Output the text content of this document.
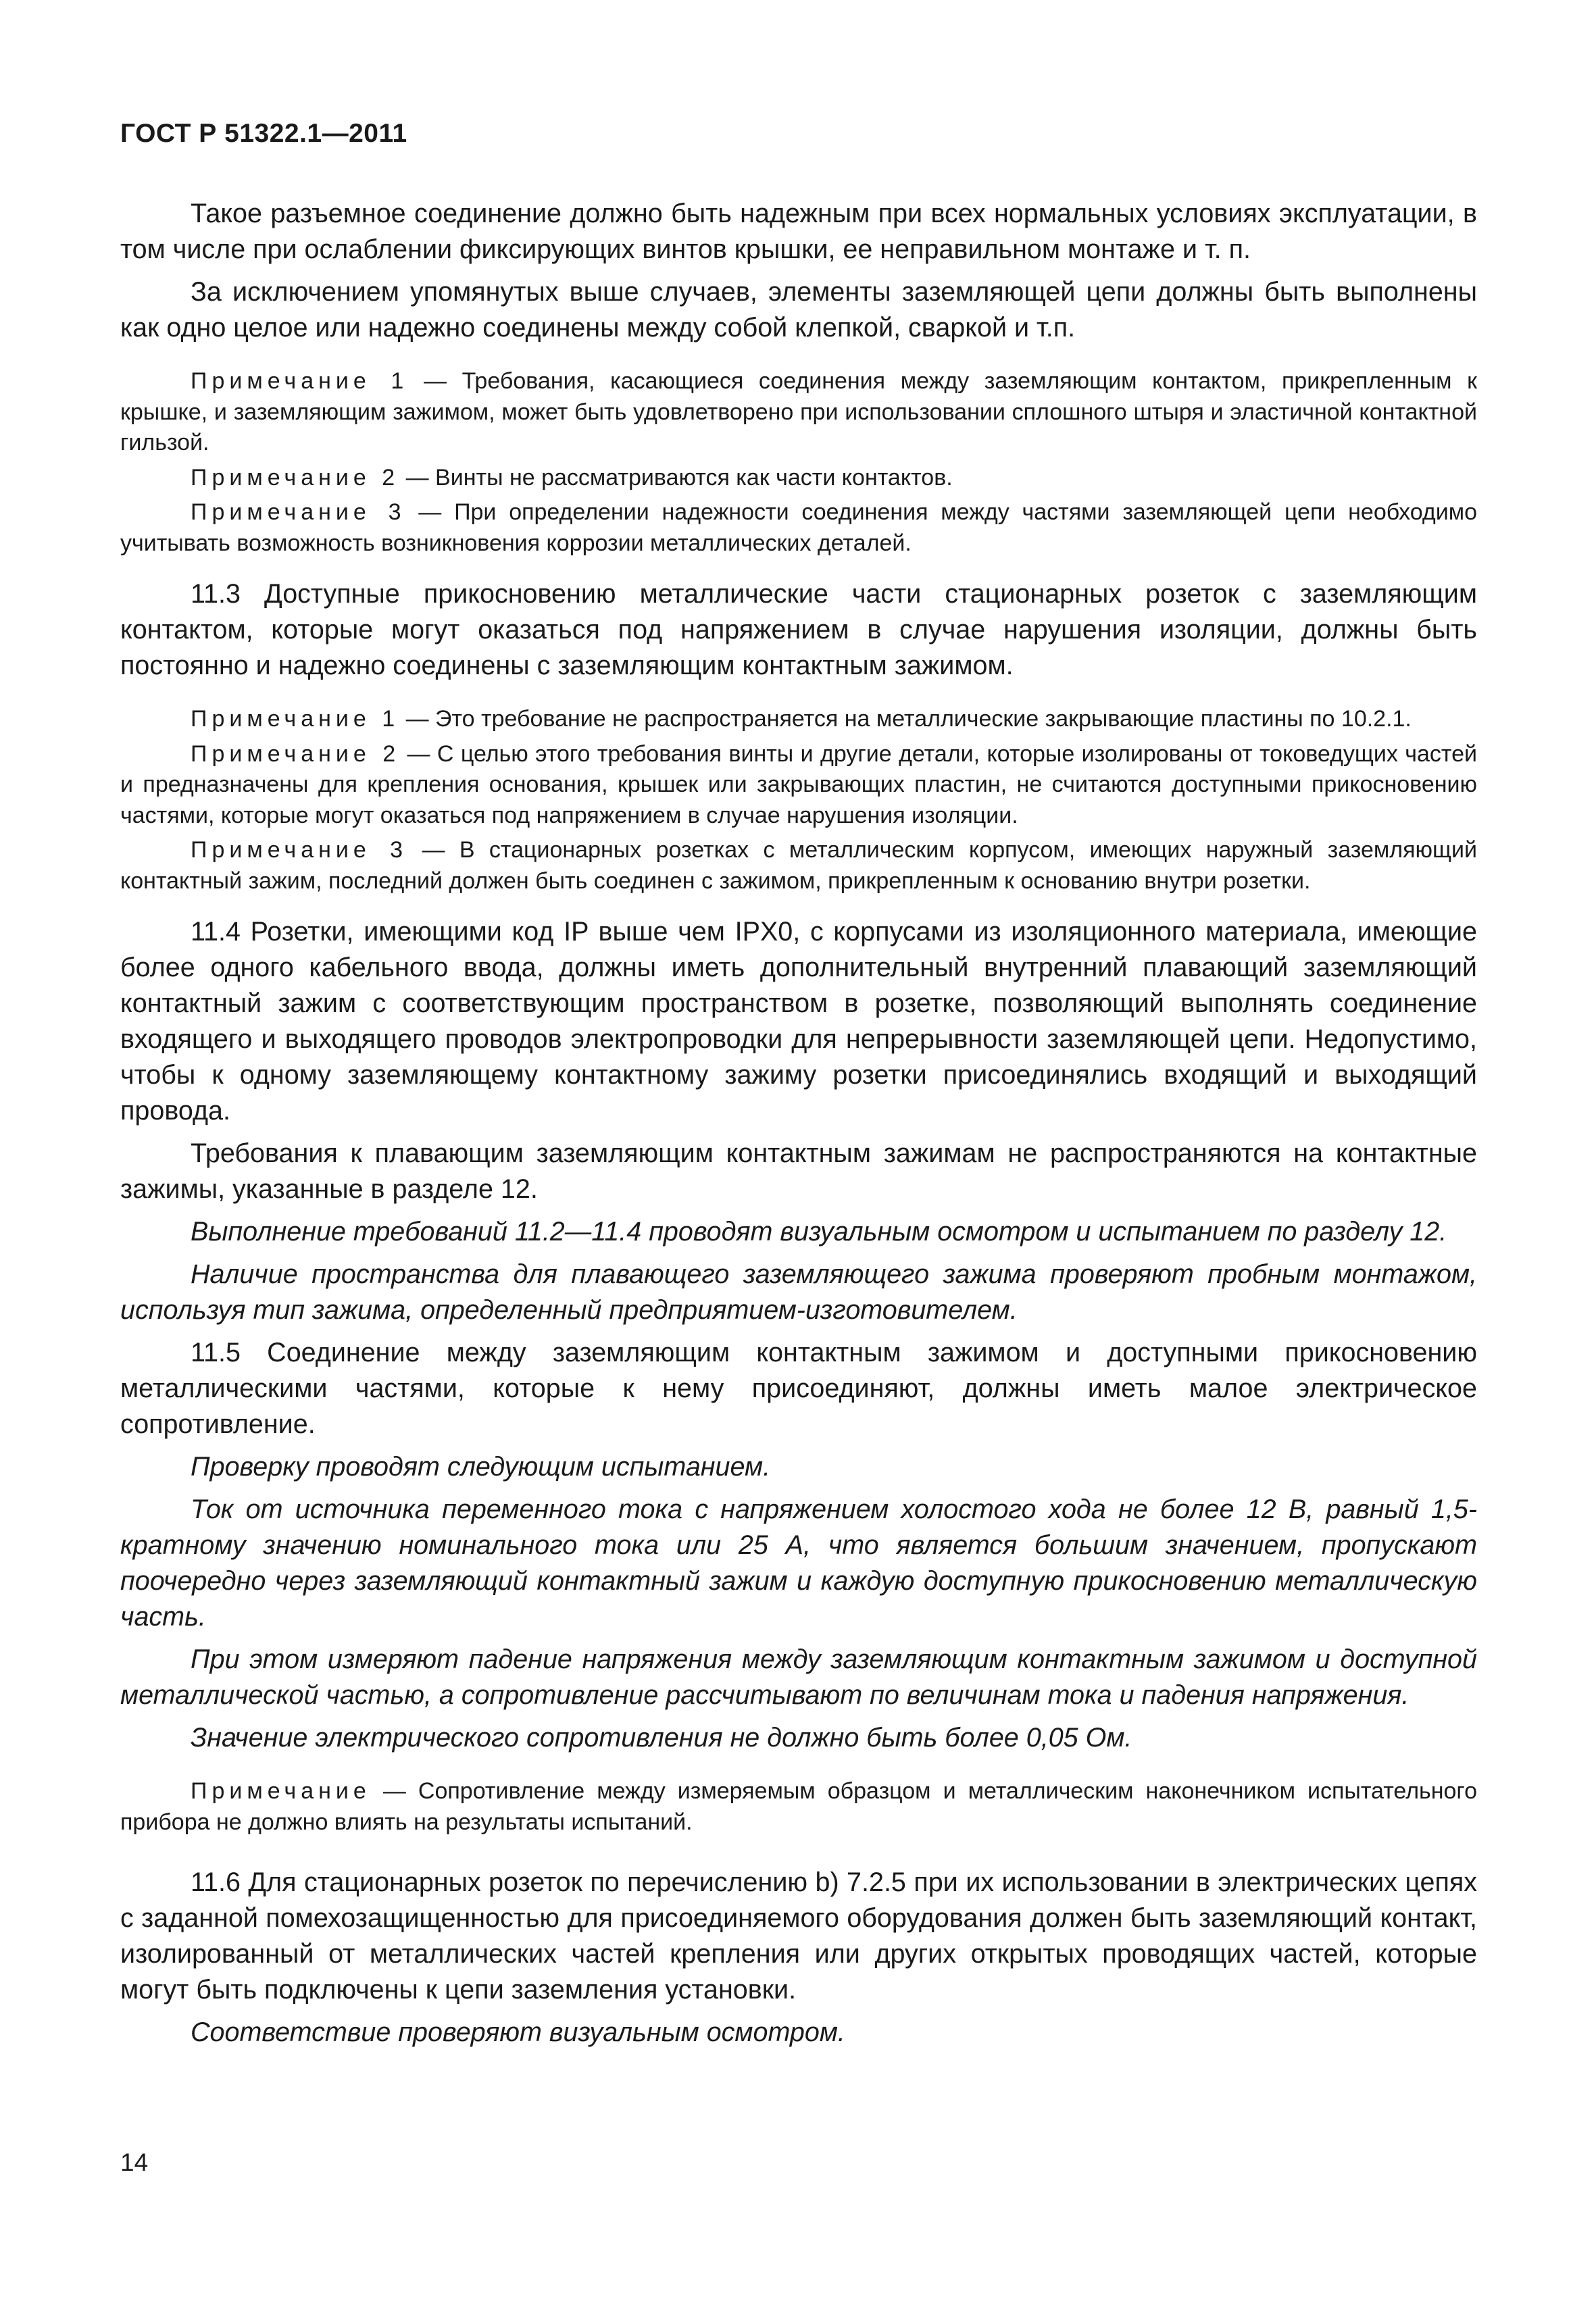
ГОСТ Р 51322.1—2011

Такое разъемное соединение должно быть надежным при всех нормальных условиях эксплуатации, в том числе при ослаблении фиксирующих винтов крышки, ее неправильном монтаже и т. п.

За исключением упомянутых выше случаев, элементы заземляющей цепи должны быть выполнены как одно целое или надежно соединены между собой клепкой, сваркой и т.п.

Примечание 1 — Требования, касающиеся соединения между заземляющим контактом, прикрепленным к крышке, и заземляющим зажимом, может быть удовлетворено при использовании сплошного штыря и эластичной контактной гильзой.

Примечание 2 — Винты не рассматриваются как части контактов.

Примечание 3 — При определении надежности соединения между частями заземляющей цепи необходимо учитывать возможность возникновения коррозии металлических деталей.

11.3 Доступные прикосновению металлические части стационарных розеток с заземляющим контактом, которые могут оказаться под напряжением в случае нарушения изоляции, должны быть постоянно и надежно соединены с заземляющим контактным зажимом.

Примечание 1 — Это требование не распространяется на металлические закрывающие пластины по 10.2.1.

Примечание 2 — С целью этого требования винты и другие детали, которые изолированы от токоведущих частей и предназначены для крепления основания, крышек или закрывающих пластин, не считаются доступными прикосновению частями, которые могут оказаться под напряжением в случае нарушения изоляции.

Примечание 3 — В стационарных розетках с металлическим корпусом, имеющих наружный заземляющий контактный зажим, последний должен быть соединен с зажимом, прикрепленным к основанию внутри розетки.

11.4 Розетки, имеющими код IP выше чем IPX0, с корпусами из изоляционного материала, имеющие более одного кабельного ввода, должны иметь дополнительный внутренний плавающий заземляющий контактный зажим с соответствующим пространством в розетке, позволяющий выполнять соединение входящего и выходящего проводов электропроводки для непрерывности заземляющей цепи. Недопустимо, чтобы к одному заземляющему контактному зажиму розетки присоединялись входящий и выходящий провода.

Требования к плавающим заземляющим контактным зажимам не распространяются на контактные зажимы, указанные в разделе 12.

Выполнение требований 11.2—11.4 проводят визуальным осмотром и испытанием по разделу 12.

Наличие пространства для плавающего заземляющего зажима проверяют пробным монтажом, используя тип зажима, определенный предприятием-изготовителем.

11.5 Соединение между заземляющим контактным зажимом и доступными прикосновению металлическими частями, которые к нему присоединяют, должны иметь малое электрическое сопротивление.

Проверку проводят следующим испытанием.

Ток от источника переменного тока с напряжением холостого хода не более 12 В, равный 1,5-кратному значению номинального тока или 25 А, что является большим значением, пропускают поочередно через заземляющий контактный зажим и каждую доступную прикосновению металлическую часть.

При этом измеряют падение напряжения между заземляющим контактным зажимом и доступной металлической частью, а сопротивление рассчитывают по величинам тока и падения напряжения.

Значение электрического сопротивления не должно быть более 0,05 Ом.

Примечание — Сопротивление между измеряемым образцом и металлическим наконечником испытательного прибора не должно влиять на результаты испытаний.

11.6 Для стационарных розеток по перечислению b) 7.2.5 при их использовании в электрических цепях с заданной помехозащищенностью для присоединяемого оборудования должен быть заземляющий контакт, изолированный от металлических частей крепления или других открытых проводящих частей, которые могут быть подключены к цепи заземления установки.

Соответствие проверяют визуальным осмотром.

14
